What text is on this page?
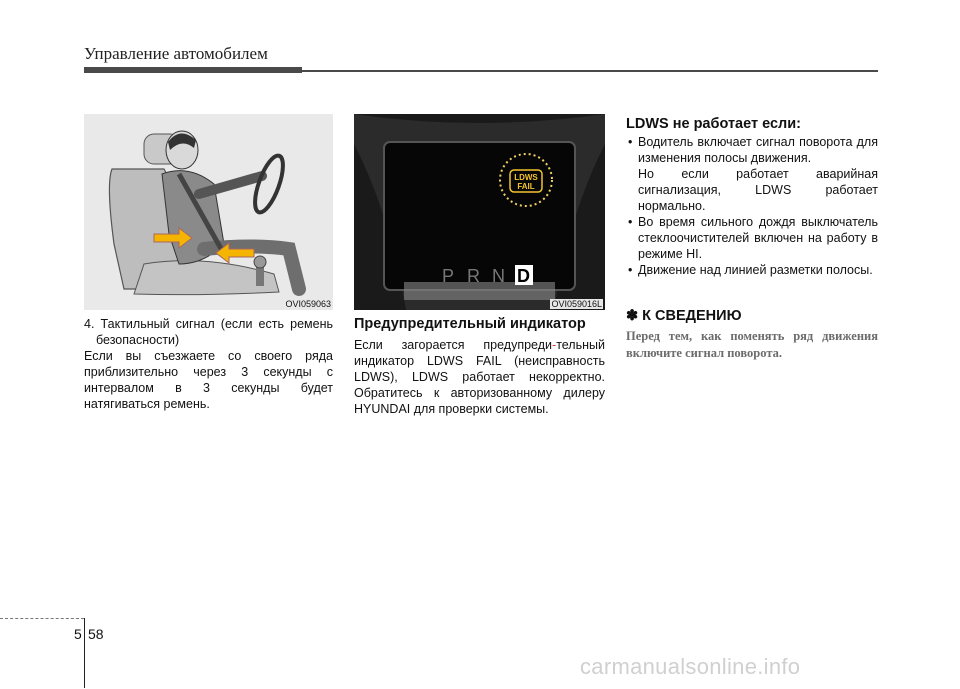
Управление автомобилем
OVI059063
LDWS
FAIL
P R N D
OVI059016L
4. Тактильный сигнал (если есть ремень безопасности)
Если вы съезжаете со своего ряда приблизительно через 3 секунды с интервалом в 3 секунды будет натягиваться ремень.
Предупредительный индикатор
Если загорается предупреди-тельный индикатор LDWS FAIL (неисправность LDWS), LDWS работает некорректно. Обратитесь к авторизованному дилеру HYUNDAI для проверки системы.
LDWS не работает если:
• Водитель включает сигнал поворота для изменения полосы движения.
Но если работает аварийная сигнализация, LDWS работает нормально.
• Во время сильного дождя выключатель стеклоочистителей включен на работу в режиме HI.
• Движение над линией разметки полосы.
✽ К СВЕДЕНИЮ
Перед тем, как поменять ряд движения включите сигнал поворота.
5 58
carmanualsonline.info
